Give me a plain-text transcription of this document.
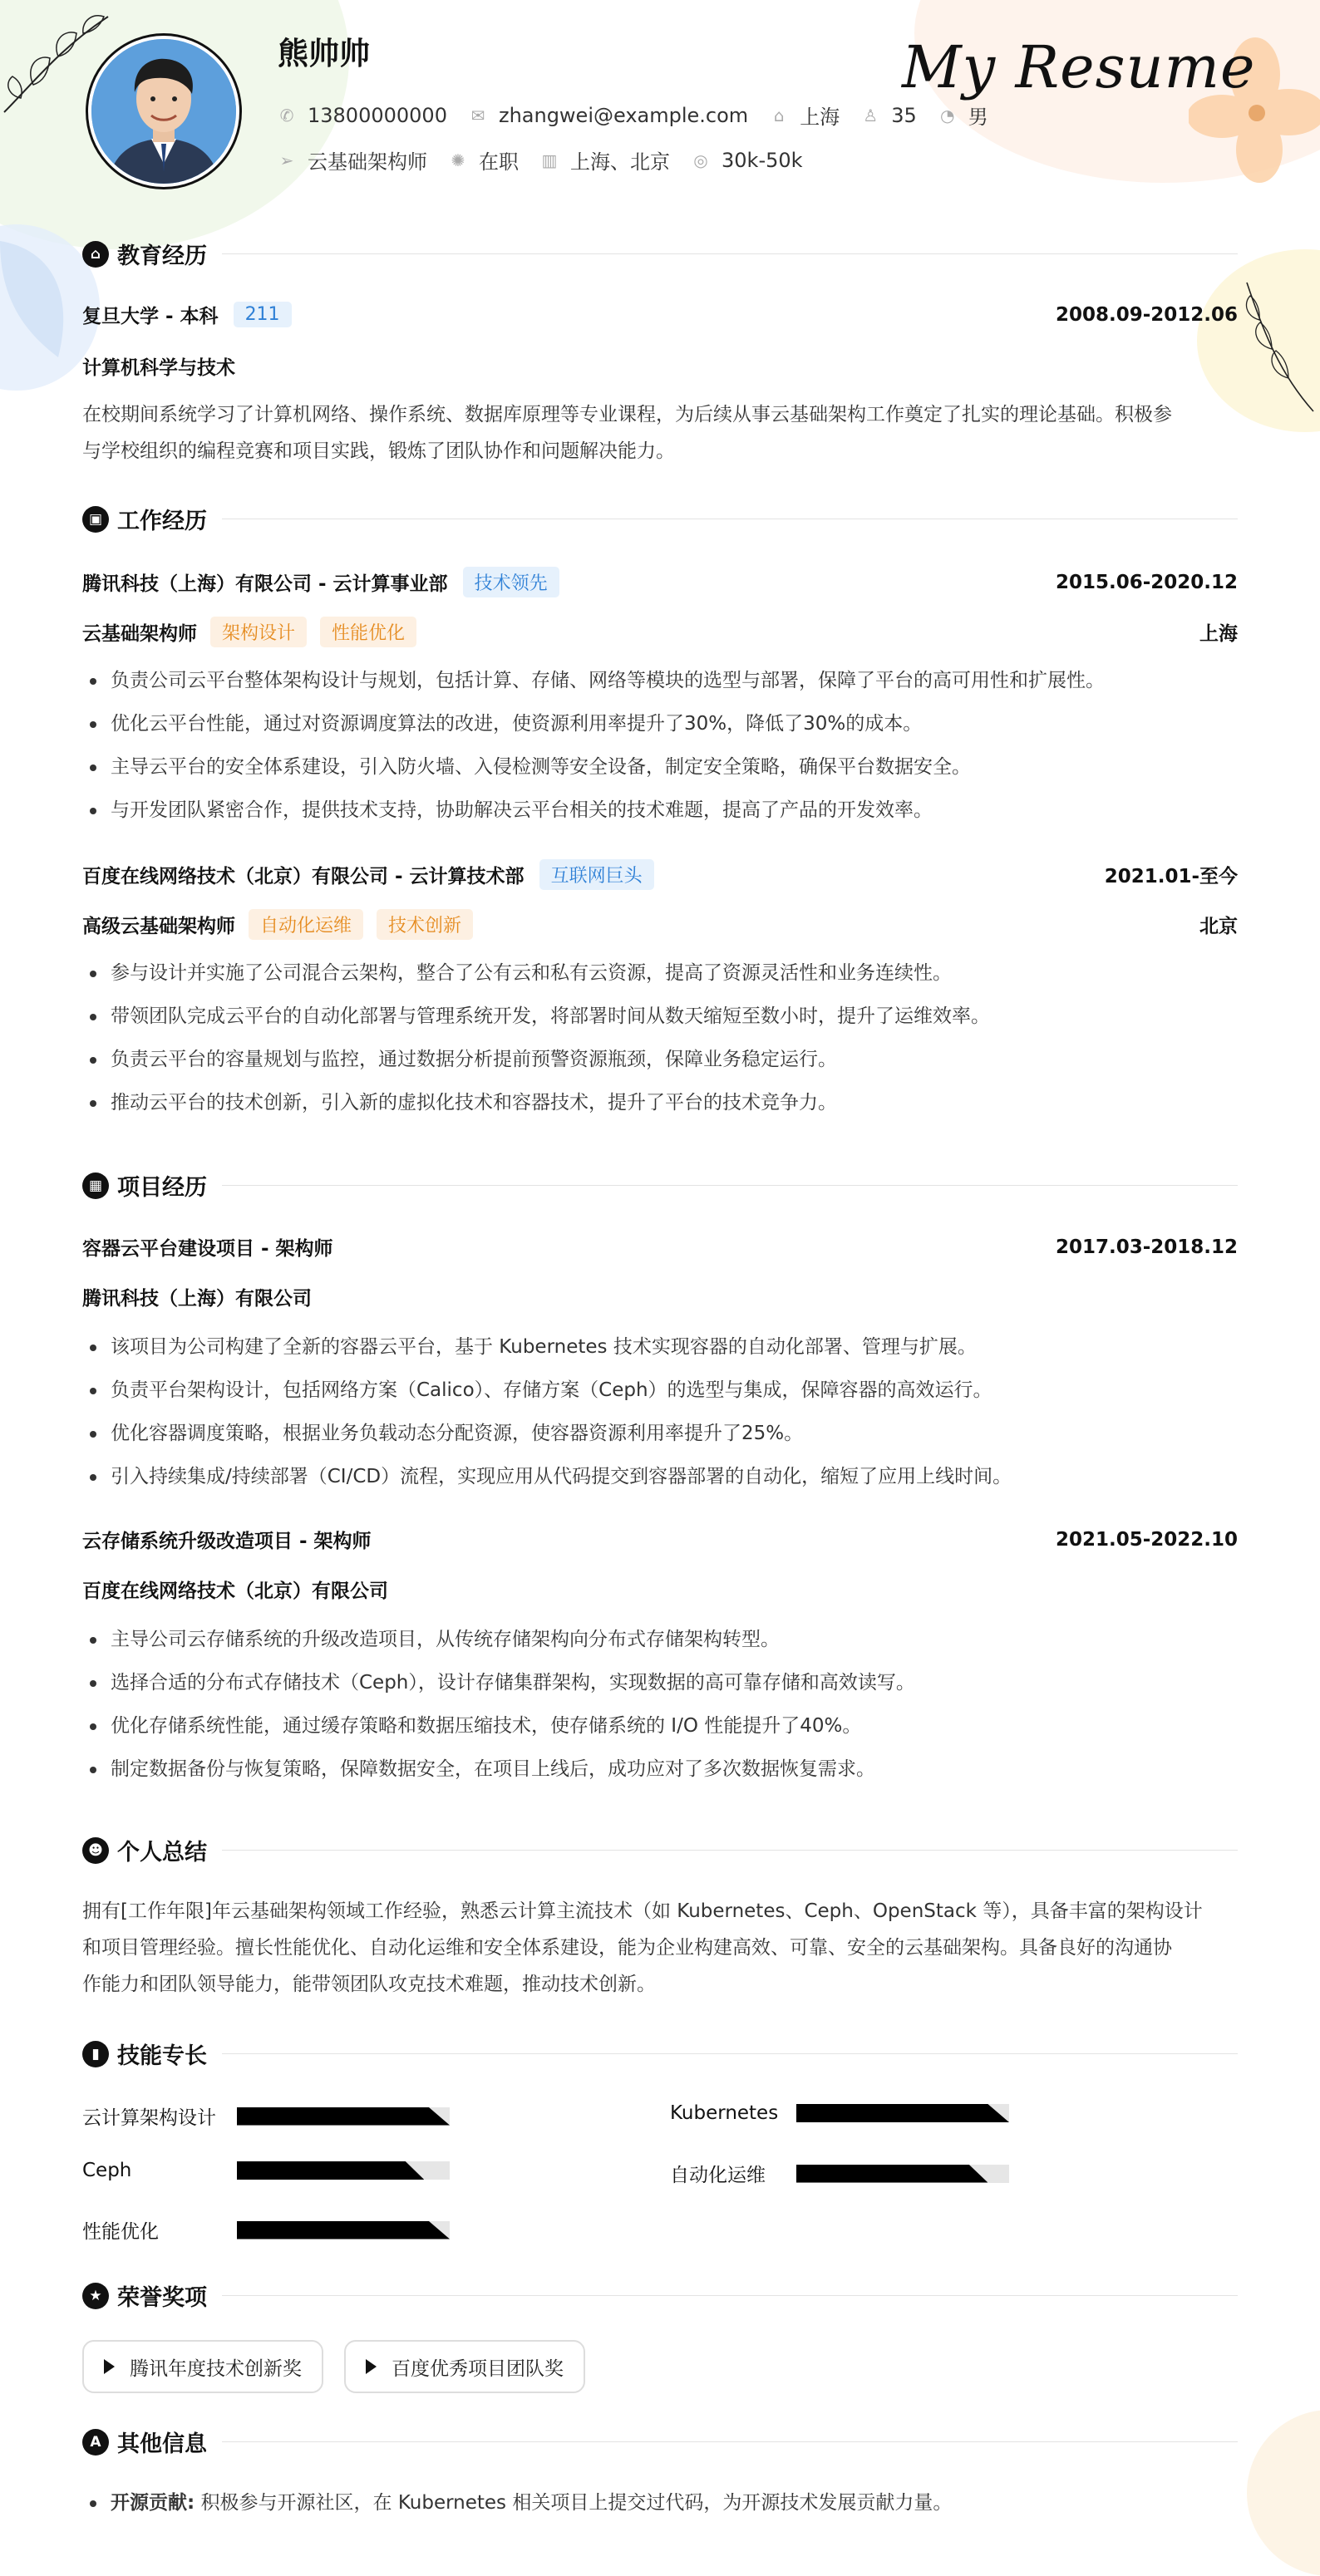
熊帅帅	My Resume
✆ 13800000000 ✉ zhangwei@example.com ⌂ 上海 ♙ 35 ◔ 男
➢ 云基础架构师 ✺ 在职 ▥ 上海、北京 ◎ 30k-50k
⌂ 教育经历
复旦大学 - 本科	211	2008.09-2012.06
计算机科学与技术
在校期间系统学习了计算机网络、操作系统、数据库原理等专业课程，为后续从事云基础架构工作奠定了扎实的理论基础。积极参
与学校组织的编程竞赛和项目实践，锻炼了团队协作和问题解决能力。
▣ 工作经历
腾讯科技（上海）有限公司 - 云计算事业部	技术领先	2015.06-2020.12
云基础架构师	架构设计	性能优化	上海
负责公司云平台整体架构设计与规划，包括计算、存储、网络等模块的选型与部署，保障了平台的高可用性和扩展性。
优化云平台性能，通过对资源调度算法的改进，使资源利用率提升了30%，降低了30%的成本。
主导云平台的安全体系建设，引入防火墙、入侵检测等安全设备，制定安全策略，确保平台数据安全。
与开发团队紧密合作，提供技术支持，协助解决云平台相关的技术难题，提高了产品的开发效率。
百度在线网络技术（北京）有限公司 - 云计算技术部	互联网巨头	2021.01-至今
高级云基础架构师	自动化运维	技术创新	北京
参与设计并实施了公司混合云架构，整合了公有云和私有云资源，提高了资源灵活性和业务连续性。
带领团队完成云平台的自动化部署与管理系统开发，将部署时间从数天缩短至数小时，提升了运维效率。
负责云平台的容量规划与监控，通过数据分析提前预警资源瓶颈，保障业务稳定运行。
推动云平台的技术创新，引入新的虚拟化技术和容器技术，提升了平台的技术竞争力。
▦ 项目经历
容器云平台建设项目 - 架构师	2017.03-2018.12
腾讯科技（上海）有限公司
该项目为公司构建了全新的容器云平台，基于 Kubernetes 技术实现容器的自动化部署、管理与扩展。
负责平台架构设计，包括网络方案（Calico）、存储方案（Ceph）的选型与集成，保障容器的高效运行。
优化容器调度策略，根据业务负载动态分配资源，使容器资源利用率提升了25%。
引入持续集成/持续部署（CI/CD）流程，实现应用从代码提交到容器部署的自动化，缩短了应用上线时间。
云存储系统升级改造项目 - 架构师	2021.05-2022.10
百度在线网络技术（北京）有限公司
主导公司云存储系统的升级改造项目，从传统存储架构向分布式存储架构转型。
选择合适的分布式存储技术（Ceph），设计存储集群架构，实现数据的高可靠存储和高效读写。
优化存储系统性能，通过缓存策略和数据压缩技术，使存储系统的 I/O 性能提升了40%。
制定数据备份与恢复策略，保障数据安全，在项目上线后，成功应对了多次数据恢复需求。
☻ 个人总结
拥有[工作年限]年云基础架构领域工作经验，熟悉云计算主流技术（如 Kubernetes、Ceph、OpenStack 等），具备丰富的架构设计
和项目管理经验。擅长性能优化、自动化运维和安全体系建设，能为企业构建高效、可靠、安全的云基础架构。具备良好的沟通协
作能力和团队领导能力，能带领团队攻克技术难题，推动技术创新。
▮ 技能专长
云计算架构设计	Kubernetes
Ceph	自动化运维
性能优化
★ 荣誉奖项
腾讯年度技术创新奖	百度优秀项目团队奖
A 其他信息
开源贡献: 积极参与开源社区，在 Kubernetes 相关项目上提交过代码，为开源技术发展贡献力量。
